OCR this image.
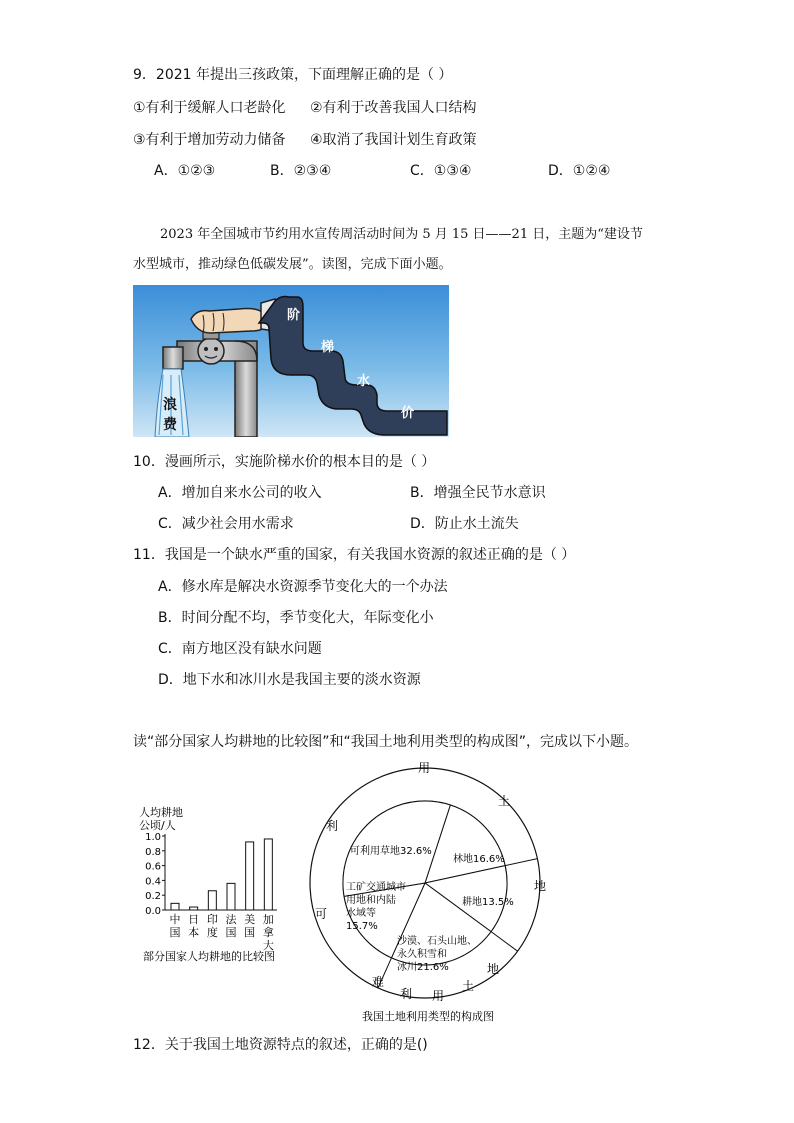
9．2021 年提出三孩政策，下面理解正确的是（ ）
①有利于缓解人口老龄化 ②有利于改善我国人口结构
③有利于增加劳动力储备 ④取消了我国计划生育政策
A．①②③	B．②③④	C．①③④	D．①②④
2023 年全国城市节约用水宣传周活动时间为 5 月 15 日——21 日，主题为“建设节
水型城市，推动绿色低碳发展”。读图，完成下面小题。
阶
梯
水
价
浪
费
10．漫画所示，实施阶梯水价的根本目的是（ ）
A．增加自来水公司的收入	B．增强全民节水意识
C．减少社会用水需求	D．防止水土流失
11．我国是一个缺水严重的国家，有关我国水资源的叙述正确的是（ ）
A．修水库是解决水资源季节变化大的一个办法
B．时间分配不均，季节变化大，年际变化小
C．南方地区没有缺水问题
D．地下水和冰川水是我国主要的淡水资源
读“部分国家人均耕地的比较图”和“我国土地利用类型的构成图”，完成以下小题。
人均耕地
公顷/人
0.0
0.2
0.4
0.6
0.8
1.0
中国
日本
印度
法国
美国
加拿大
部分国家人均耕地的比较图
用
土
地
可
利
难
利 用
土
地
可利用草地32.6%
林地16.6%
耕地13.5%
沙漠、石头山地、
永久积雪和
冰川21.6%
工矿交通城市
用地和内陆
水域等
15.7%
我国土地利用类型的构成图
12．关于我国土地资源特点的叙述，正确的是()
